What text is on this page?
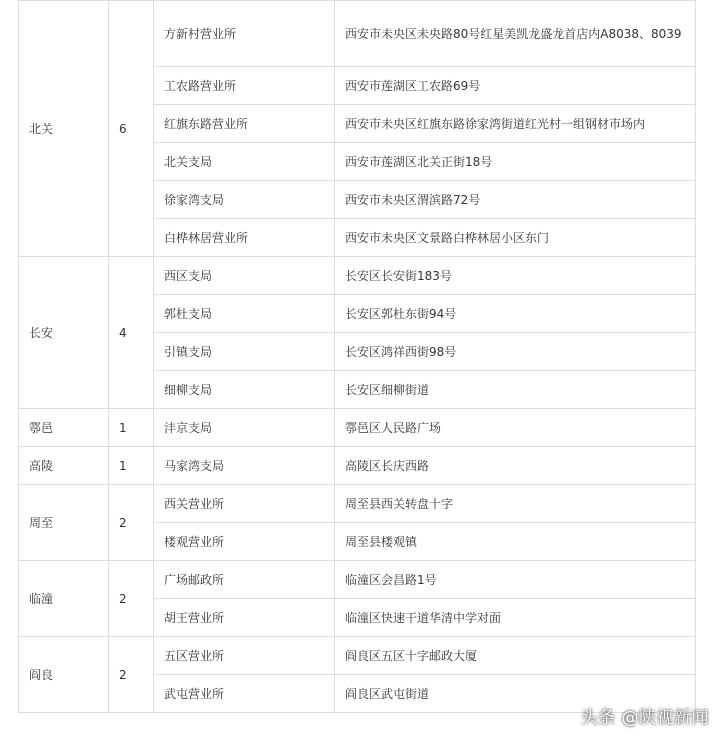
北关	6	方新村营业所	西安市未央区未央路80号红星美凯龙盛龙首店内A8038、8039
		工农路营业所	西安市莲湖区工农路69号
		红旗东路营业所	西安市未央区红旗东路徐家湾街道红光村一组钢材市场内
		北关支局	西安市莲湖区北关正街18号
		徐家湾支局	西安市未央区渭滨路72号
		白桦林居营业所	西安市未央区文景路白桦林居小区东门
长安	4	西区支局	长安区长安街183号
		郭杜支局	长安区郭杜东街94号
		引镇支局	长安区鸿祥西街98号
		细柳支局	长安区细柳街道
鄠邑	1	沣京支局	鄠邑区人民路广场
高陵	1	马家湾支局	高陵区长庆西路
周至	2	西关营业所	周至县西关转盘十字
		楼观营业所	周至县楼观镇
临潼	2	广场邮政所	临潼区会昌路1号
		胡王营业所	临潼区快速干道华清中学对面
阎良	2	五区营业所	阎良区五区十字邮政大厦
		武屯营业所	阎良区武屯街道
头条 @陕视新闻
